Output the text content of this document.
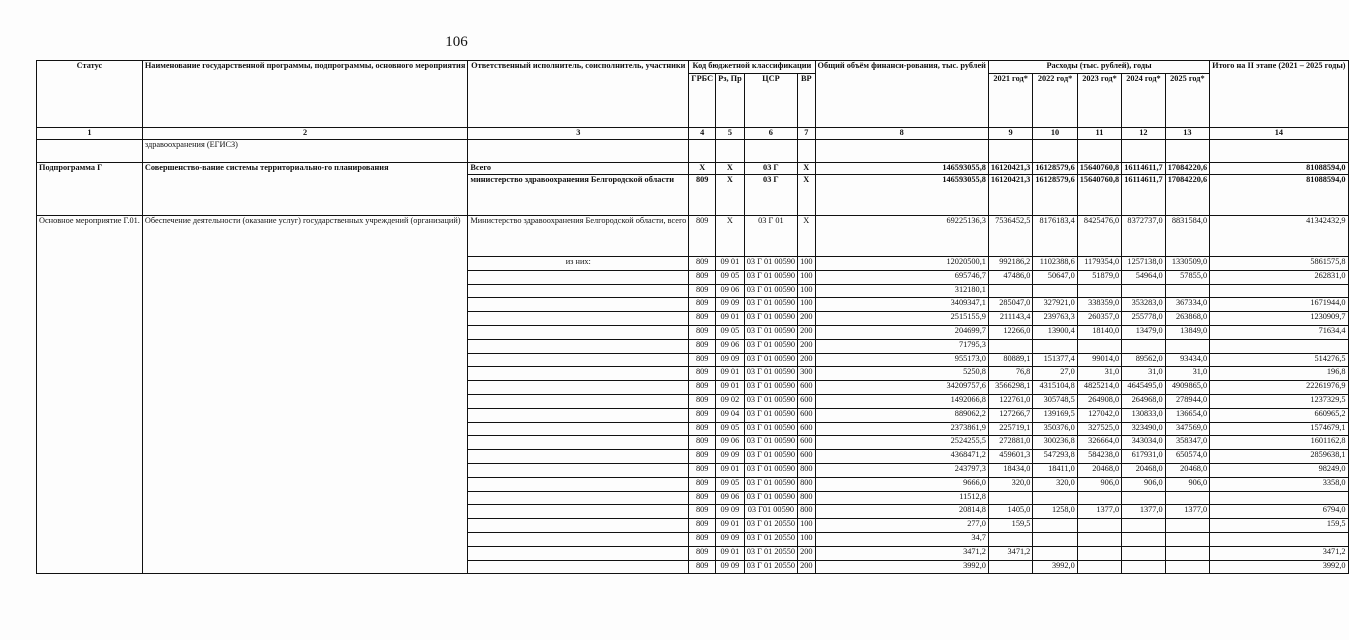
106
Статус	Наименование государственной программы, подпрограммы, основного мероприятия	Ответственный исполнитель, соисполнитель, участники	Код бюджетной классификации				Общий объём финанси-рования, тыс. рублей	Расходы (тыс. рублей), годы					Итого на II этапе (2021 – 2025 годы)
			ГРБС	Рз, Пр	ЦСР	ВР		2021 год*	2022 год*	2023 год*	2024 год*	2025 год*	
1	2	3	4	5	6	7	8	9	10	11	12	13	14
	здравоохранения (ЕГИСЗ)												
Подпрограмма Г	Совершенство-вание системы территориально-го планирования	Всего	Х	Х	03 Г	Х	146593055,8	16120421,3	16128579,6	15640760,8	16114611,7	17084220,6	81088594,0
		министерство здравоохранения Белгородской области	809	Х	03 Г	Х	146593055,8	16120421,3	16128579,6	15640760,8	16114611,7	17084220,6	81088594,0
Основное мероприятие Г.01.	Обеспечение деятельности (оказание услуг) государственных учреждений (организаций)	Министерство здравоохранения Белгородской области, всего	809	Х	03 Г 01	Х	69225136,3	7536452,5	8176183,4	8425476,0	8372737,0	8831584,0	41342432,9
		из них:	809	09 01	03 Г 01 00590	100	12020500,1	992186,2	1102388,6	1179354,0	1257138,0	1330509,0	5861575,8
			809	09 05	03 Г 01 00590	100	695746,7	47486,0	50647,0	51879,0	54964,0	57855,0	262831,0
			809	09 06	03 Г 01 00590	100	312180,1						
			809	09 09	03 Г 01 00590	100	3409347,1	285047,0	327921,0	338359,0	353283,0	367334,0	1671944,0
			809	09 01	03 Г 01 00590	200	2515155,9	211143,4	239763,3	260357,0	255778,0	263868,0	1230909,7
			809	09 05	03 Г 01 00590	200	204699,7	12266,0	13900,4	18140,0	13479,0	13849,0	71634,4
			809	09 06	03 Г 01 00590	200	71795,3						
			809	09 09	03 Г 01 00590	200	955173,0	80889,1	151377,4	99014,0	89562,0	93434,0	514276,5
			809	09 01	03 Г 01 00590	300	5250,8	76,8	27,0	31,0	31,0	31,0	196,8
			809	09 01	03 Г 01 00590	600	34209757,6	3566298,1	4315104,8	4825214,0	4645495,0	4909865,0	22261976,9
			809	09 02	03 Г 01 00590	600	1492066,8	122761,0	305748,5	264908,0	264968,0	278944,0	1237329,5
			809	09 04	03 Г 01 00590	600	889062,2	127266,7	139169,5	127042,0	130833,0	136654,0	660965,2
			809	09 05	03 Г 01 00590	600	2373861,9	225719,1	350376,0	327525,0	323490,0	347569,0	1574679,1
			809	09 06	03 Г 01 00590	600	2524255,5	272881,0	300236,8	326664,0	343034,0	358347,0	1601162,8
			809	09 09	03 Г 01 00590	600	4368471,2	459601,3	547293,8	584238,0	617931,0	650574,0	2859638,1
			809	09 01	03 Г 01 00590	800	243797,3	18434,0	18411,0	20468,0	20468,0	20468,0	98249,0
			809	09 05	03 Г 01 00590	800	9666,0	320,0	320,0	906,0	906,0	906,0	3358,0
			809	09 06	03 Г 01 00590	800	11512,8						
			809	09 09	03 Г01 00590	800	20814,8	1405,0	1258,0	1377,0	1377,0	1377,0	6794,0
			809	09 01	03 Г 01 20550	100	277,0	159,5					159,5
			809	09 09	03 Г 01 20550	100	34,7						
			809	09 01	03 Г 01 20550	200	3471,2	3471,2					3471,2
			809	09 09	03 Г 01 20550	200	3992,0		3992,0				3992,0
